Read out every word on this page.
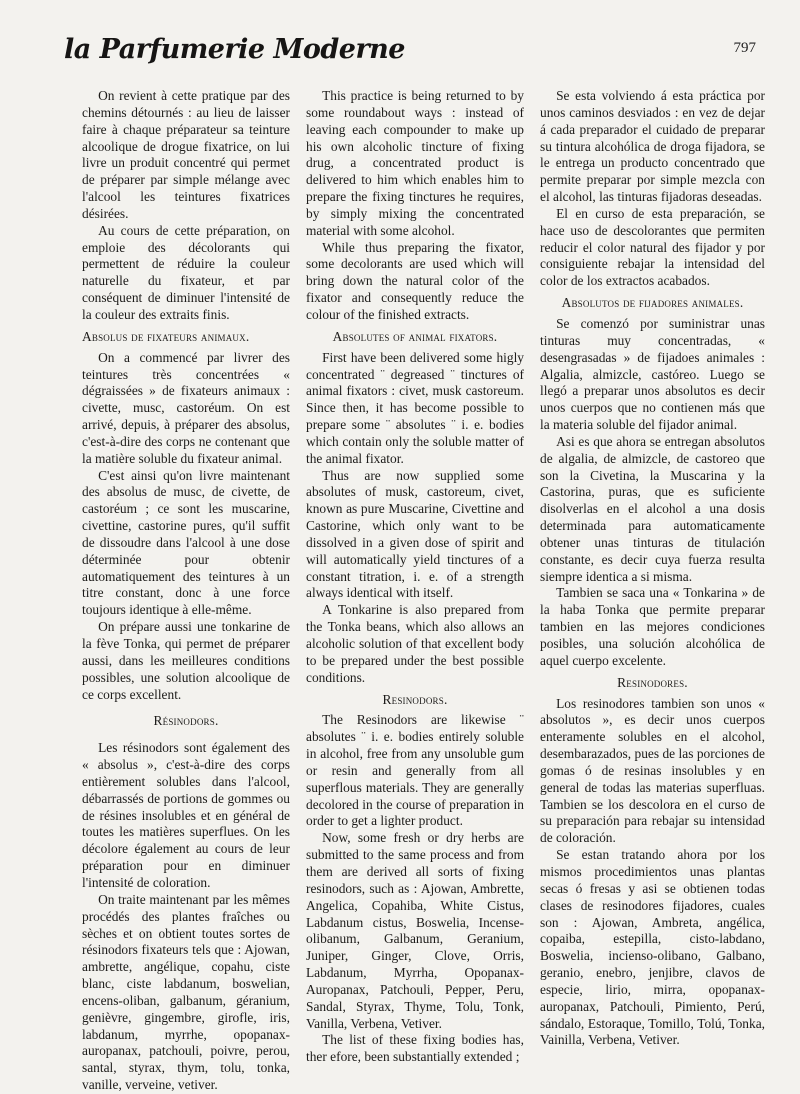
la Parfumerie Moderne	797

On revient à cette pratique par des chemins détournés : au lieu de laisser faire à chaque préparateur sa teinture alcoolique de drogue fixatrice, on lui livre un produit concentré qui permet de préparer par simple mélange avec l'alcool les teintures fixatrices désirées.

Au cours de cette préparation, on emploie des décolorants qui permettent de réduire la couleur naturelle du fixateur, et par conséquent de diminuer l'intensité de la couleur des extraits finis.

Absolus de fixateurs animaux.

On a commencé par livrer des teintures très concentrées « dégraissées » de fixateurs animaux : civette, musc, castoréum. On est arrivé, depuis, à préparer des absolus, c'est-à-dire des corps ne contenant que la matière soluble du fixateur animal.

C'est ainsi qu'on livre maintenant des absolus de musc, de civette, de castoréum ; ce sont les muscarine, civettine, castorine pures, qu'il suffit de dissoudre dans l'alcool à une dose déterminée pour obtenir automatiquement des teintures à un titre constant, donc à une force toujours identique à elle-même.

On prépare aussi une tonkarine de la fève Tonka, qui permet de préparer aussi, dans les meilleures conditions possibles, une solution alcoolique de ce corps excellent.

Résinodors.

Les résinodors sont également des « absolus », c'est-à-dire des corps entièrement solubles dans l'alcool, débarrassés de portions de gommes ou de résines insolubles et en général de toutes les matières superflues. On les décolore également au cours de leur préparation pour en diminuer l'intensité de coloration.

On traite maintenant par les mêmes procédés des plantes fraîches ou sèches et on obtient toutes sortes de résinodors fixateurs tels que : Ajowan, ambrette, angélique, copahu, ciste blanc, ciste labdanum, boswelian, encens-oliban, galbanum, géranium, genièvre, gingembre, girofle, iris, labdanum, myrrhe, opopanax-auropanax, patchouli, poivre, perou, santal, styrax, thym, tolu, tonka, vanille, verveine, vetiver.

This practice is being returned to by some roundabout ways : instead of leaving each compounder to make up his own alcoholic tincture of fixing drug, a concentrated product is delivered to him which enables him to prepare the fixing tinctures he requires, by simply mixing the concentrated material with some alcohol.

While thus preparing the fixator, some decolorants are used which will bring down the natural color of the fixator and consequently reduce the colour of the finished extracts.

Absolutes of animal fixators.

First have been delivered some higly concentrated ¨ degreased ¨ tinctures of animal fixators : civet, musk castoreum. Since then, it has become possible to prepare some ¨ absolutes ¨ i. e. bodies which contain only the soluble matter of the animal fixator.

Thus are now supplied some absolutes of musk, castoreum, civet, known as pure Muscarine, Civettine and Castorine, which only want to be dissolved in a given dose of spirit and will automatically yield tinctures of a constant titration, i. e. of a strength always identical with itself.

A Tonkarine is also prepared from the Tonka beans, which also allows an alcoholic solution of that excellent body to be prepared under the best possible conditions.

Resinodors.

The Resinodors are likewise ¨ absolutes ¨ i. e. bodies entirely soluble in alcohol, free from any unsoluble gum or resin and generally from all superflous materials. They are generally decolored in the course of preparation in order to get a lighter product.

Now, some fresh or dry herbs are submitted to the same process and from them are derived all sorts of fixing resinodors, such as : Ajowan, Ambrette, Angelica, Copahiba, White Cistus, Labdanum cistus, Boswelia, Incense-olibanum, Galbanum, Geranium, Juniper, Ginger, Clove, Orris, Labdanum, Myrrha, Opopanax-Auropanax, Patchouli, Pepper, Peru, Sandal, Styrax, Thyme, Tolu, Tonk, Vanilla, Verbena, Vetiver.

The list of these fixing bodies has, ther efore, been substantially extended ;

Se esta volviendo á esta práctica por unos caminos desviados : en vez de dejar á cada preparador el cuidado de preparar su tintura alcohólica de droga fijadora, se le entrega un producto concentrado que permite preparar por simple mezcla con el alcohol, las tinturas fijadoras deseadas.

El en curso de esta preparación, se hace uso de descolorantes que permiten reducir el color natural des fijador y por consiguiente rebajar la intensidad del color de los extractos acabados.

Absolutos de fijadores animales.

Se comenzó por suministrar unas tinturas muy concentradas, « desengrasadas » de fijadoes animales : Algalia, almizcle, castóreo. Luego se llegó a preparar unos absolutos es decir unos cuerpos que no contienen más que la materia soluble del fijador animal.

Asi es que ahora se entregan absolutos de algalia, de almizcle, de castoreo que son la Civetina, la Muscarina y la Castorina, puras, que es suficiente disolverlas en el alcohol a una dosis determinada para automaticamente obtener unas tinturas de titulación constante, es decir cuya fuerza resulta siempre identica a si misma.

Tambien se saca una « Tonkarina » de la haba Tonka que permite preparar tambien en las mejores condiciones posibles, una solución alcohólica de aquel cuerpo excelente.

Resinodores.

Los resinodores tambien son unos « absolutos », es decir unos cuerpos enteramente solubles en el alcohol, desembarazados, pues de las porciones de gomas ó de resinas insolubles y en general de todas las materias superfluas. Tambien se los descolora en el curso de su preparación para rebajar su intensidad de coloración.

Se estan tratando ahora por los mismos procedimientos unas plantas secas ó fresas y asi se obtienen todas clases de resinodores fijadores, cuales son : Ajowan, Ambreta, angélica, copaiba, estepilla, cisto-labdano, Boswelia, incienso-olibano, Galbano, geranio, enebro, jenjibre, clavos de especie, lirio, mirra, opopanax-auropanax, Patchouli, Pimiento, Perú, sándalo, Estoraque, Tomillo, Tolú, Tonka, Vainilla, Verbena, Vetiver.
